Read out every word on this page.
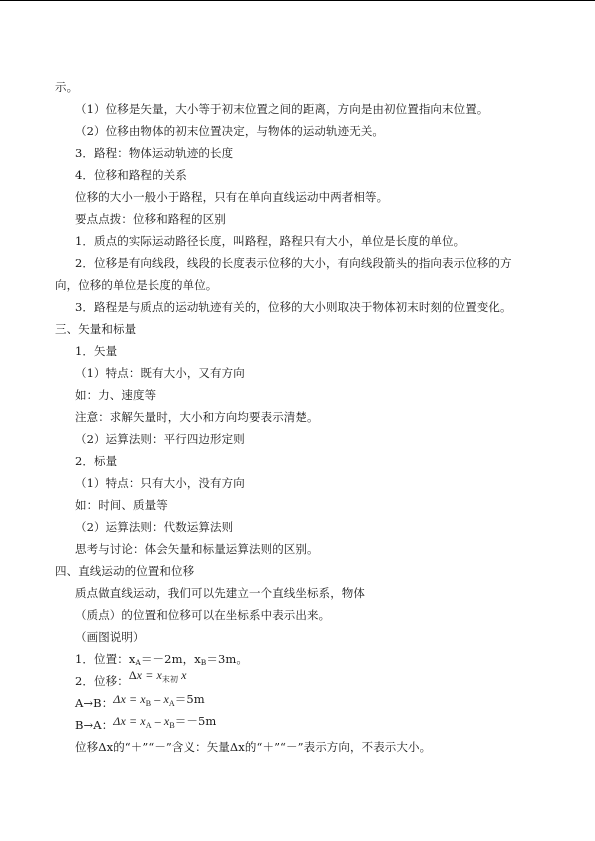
示。
（1）位移是矢量，大小等于初末位置之间的距离，方向是由初位置指向末位置。
（2）位移由物体的初末位置决定，与物体的运动轨迹无关。
3．路程：物体运动轨迹的长度
4．位移和路程的关系
位移的大小一般小于路程，只有在单向直线运动中两者相等。
要点点拨：位移和路程的区别
1．质点的实际运动路径长度，叫路程，路程只有大小，单位是长度的单位。
2．位移是有向线段，线段的长度表示位移的大小，有向线段箭头的指向表示位移的方
向，位移的单位是长度的单位。
3．路程是与质点的运动轨迹有关的，位移的大小则取决于物体初末时刻的位置变化。
三、矢量和标量
1．矢量
（1）特点：既有大小，又有方向
如：力、速度等
注意：求解矢量时，大小和方向均要表示清楚。
（2）运算法则：平行四边形定则
2．标量
（1）特点：只有大小，没有方向
如：时间、质量等
（2）运算法则：代数运算法则
思考与讨论：体会矢量和标量运算法则的区别。
四、直线运动的位置和位移
质点做直线运动，我们可以先建立一个直线坐标系，物体
（质点）的位置和位移可以在坐标系中表示出来。
（画图说明）
1．位置：$x_A=-2m$，$x_B=3m$。
2．位移：$\Delta x = x_{末初}$ x
A→B：$\Delta x = x_B - x_A=5m$
B→A：$\Delta x = x_A - x_B=-5m$
位移Δx的“＋”“－”含义：矢量Δx的“＋”“－”表示方向，不表示大小。
